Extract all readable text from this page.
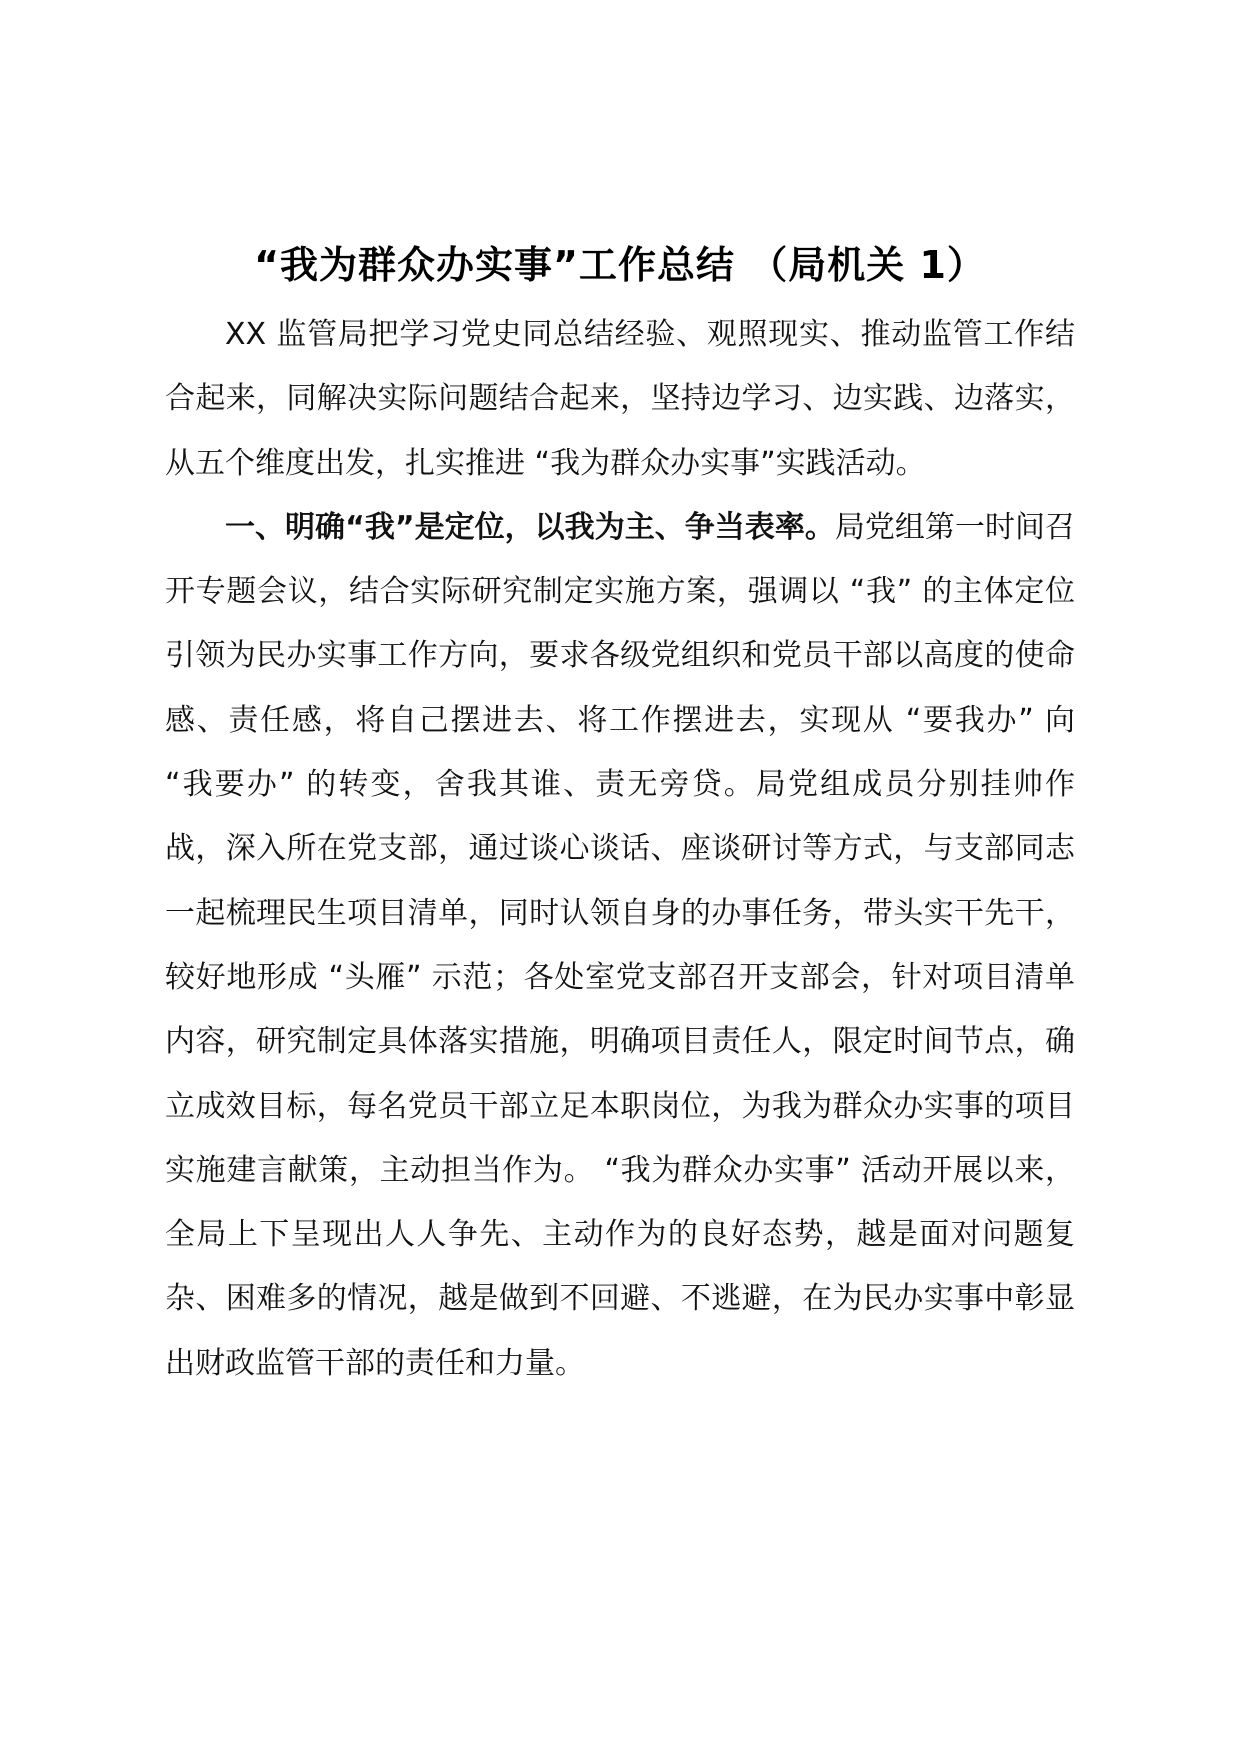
“我为群众办实事”工作总结 （局机关 1）

XX 监管局把学习党史同总结经验、观照现实、推动监管工作结合起来，同解决实际问题结合起来，坚持边学习、边实践、边落实，从五个维度出发，扎实推进 “我为群众办实事”实践活动。

一、明确“我”是定位，以我为主、争当表率。局党组第一时间召开专题会议，结合实际研究制定实施方案，强调以 “我” 的主体定位引领为民办实事工作方向，要求各级党组织和党员干部以高度的使命感、责任感，将自己摆进去、将工作摆进去，实现从 “要我办” 向 “我要办” 的转变，舍我其谁、责无旁贷。局党组成员分别挂帅作战，深入所在党支部，通过谈心谈话、座谈研讨等方式，与支部同志一起梳理民生项目清单，同时认领自身的办事任务，带头实干先干，较好地形成 “头雁” 示范；各处室党支部召开支部会，针对项目清单内容，研究制定具体落实措施，明确项目责任人，限定时间节点，确立成效目标，每名党员干部立足本职岗位，为我为群众办实事的项目实施建言献策，主动担当作为。 “我为群众办实事” 活动开展以来，全局上下呈现出人人争先、主动作为的良好态势，越是面对问题复杂、困难多的情况，越是做到不回避、不逃避，在为民办实事中彰显出财政监管干部的责任和力量。
